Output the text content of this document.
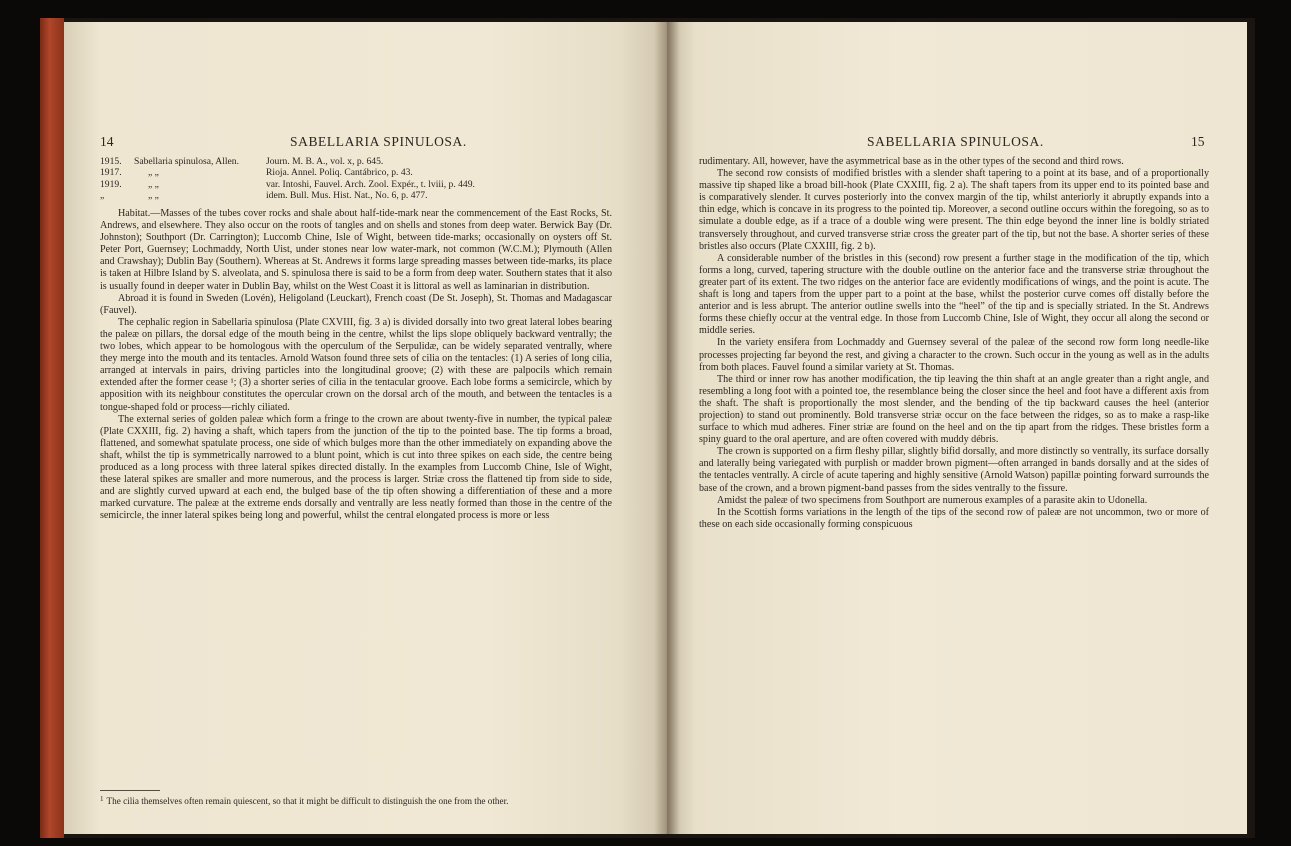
14	SABELLARIA SPINULOSA.
1915. Sabellaria spinulosa, Allen.	Journ. M. B. A., vol. x, p. 645.
1917.	„ „	Rioja. Annel. Poliq. Cantábrico, p. 43.
1919.	„ „	var. Intoshi, Fauvel. Arch. Zool. Expér., t. lviii, p. 449.
„	„ „	idem. Bull. Mus. Hist. Nat., No. 6, p. 477.

Habitat.—Masses of the tubes cover rocks and shale about half-tide-mark near the commencement of the East Rocks, St. Andrews, and elsewhere. They also occur on the roots of tangles and on shells and stones from deep water. Berwick Bay (Dr. Johnston); Southport (Dr. Carrington); Luccomb Chine, Isle of Wight, between tide-marks; occasionally on oysters off St. Peter Port, Guernsey; Lochmaddy, North Uist, under stones near low water-mark, not common (W.C.M.); Plymouth (Allen and Crawshay); Dublin Bay (Southern). Whereas at St. Andrews it forms large spreading masses between tide-marks, its place is taken at Hilbre Island by S. alveolata, and S. spinulosa there is said to be a form from deep water. Southern states that it also is usually found in deeper water in Dublin Bay, whilst on the West Coast it is littoral as well as laminarian in distribution.

Abroad it is found in Sweden (Lovén), Heligoland (Leuckart), French coast (De St. Joseph), St. Thomas and Madagascar (Fauvel).

The cephalic region in Sabellaria spinulosa (Plate CXVIII, fig. 3 a) is divided dorsally into two great lateral lobes bearing the paleæ on pillars, the dorsal edge of the mouth being in the centre, whilst the lips slope obliquely backward ventrally; the two lobes, which appear to be homologous with the operculum of the Serpulidæ, can be widely separated ventrally, where they merge into the mouth and its tentacles. Arnold Watson found three sets of cilia on the tentacles: (1) A series of long cilia, arranged at intervals in pairs, driving particles into the longitudinal groove; (2) with these are palpocils which remain extended after the former cease ¹; (3) a shorter series of cilia in the tentacular groove. Each lobe forms a semicircle, which by apposition with its neighbour constitutes the opercular crown on the dorsal arch of the mouth, and between the tentacles is a tongue-shaped fold or process—richly ciliated.

The external series of golden paleæ which form a fringe to the crown are about twenty-five in number, the typical paleæ (Plate CXXIII, fig. 2) having a shaft, which tapers from the junction of the tip to the pointed base. The tip forms a broad, flattened, and somewhat spatulate process, one side of which bulges more than the other immediately on expanding above the shaft, whilst the tip is symmetrically narrowed to a blunt point, which is cut into three spikes on each side, the centre being produced as a long process with three lateral spikes directed distally. In the examples from Luccomb Chine, Isle of Wight, these lateral spikes are smaller and more numerous, and the process is larger. Striæ cross the flattened tip from side to side, and are slightly curved upward at each end, the bulged base of the tip often showing a differentiation of these and a more marked curvature. The paleæ at the extreme ends dorsally and ventrally are less neatly formed than those in the centre of the semicircle, the inner lateral spikes being long and powerful, whilst the central elongated process is more or less

$^1$ The cilia themselves often remain quiescent, so that it might be difficult to distinguish the one from the other.
SABELLARIA SPINULOSA.	15

rudimentary. All, however, have the asymmetrical base as in the other types of the second and third rows.

The second row consists of modified bristles with a slender shaft tapering to a point at its base, and of a proportionally massive tip shaped like a broad bill-hook (Plate CXXIII, fig. 2 a). The shaft tapers from its upper end to its pointed base and is comparatively slender. It curves posteriorly into the convex margin of the tip, whilst anteriorly it abruptly expands into a thin edge, which is concave in its progress to the pointed tip. Moreover, a second outline occurs within the foregoing, so as to simulate a double edge, as if a trace of a double wing were present. The thin edge beyond the inner line is boldly striated transversely throughout, and curved transverse striæ cross the greater part of the tip, but not the base. A shorter series of these bristles also occurs (Plate CXXIII, fig. 2 b).

A considerable number of the bristles in this (second) row present a further stage in the modification of the tip, which forms a long, curved, tapering structure with the double outline on the anterior face and the transverse striæ throughout the greater part of its extent. The two ridges on the anterior face are evidently modifications of wings, and the point is acute. The shaft is long and tapers from the upper part to a point at the base, whilst the posterior curve comes off distally before the anterior and is less abrupt. The anterior outline swells into the “heel” of the tip and is specially striated. In the St. Andrews forms these chiefly occur at the ventral edge. In those from Luccomb Chine, Isle of Wight, they occur all along the second or middle series.

In the variety ensifera from Lochmaddy and Guernsey several of the paleæ of the second row form long needle-like processes projecting far beyond the rest, and giving a character to the crown. Such occur in the young as well as in the adults from both places. Fauvel found a similar variety at St. Thomas.

The third or inner row has another modification, the tip leaving the thin shaft at an angle greater than a right angle, and resembling a long foot with a pointed toe, the resemblance being the closer since the heel and foot have a different axis from the shaft. The shaft is proportionally the most slender, and the bending of the tip backward causes the heel (anterior projection) to stand out prominently. Bold transverse striæ occur on the face between the ridges, so as to make a rasp-like surface to which mud adheres. Finer striæ are found on the heel and on the tip apart from the ridges. These bristles form a spiny guard to the oral aperture, and are often covered with muddy débris.

The crown is supported on a firm fleshy pillar, slightly bifid dorsally, and more distinctly so ventrally, its surface dorsally and laterally being variegated with purplish or madder brown pigment—often arranged in bands dorsally and at the sides of the tentacles ventrally. A circle of acute tapering and highly sensitive (Arnold Watson) papillæ pointing forward surrounds the base of the crown, and a brown pigment-band passes from the sides ventrally to the fissure.

Amidst the paleæ of two specimens from Southport are numerous examples of a parasite akin to Udonella.

In the Scottish forms variations in the length of the tips of the second row of paleæ are not uncommon, two or more of these on each side occasionally forming conspicuous
